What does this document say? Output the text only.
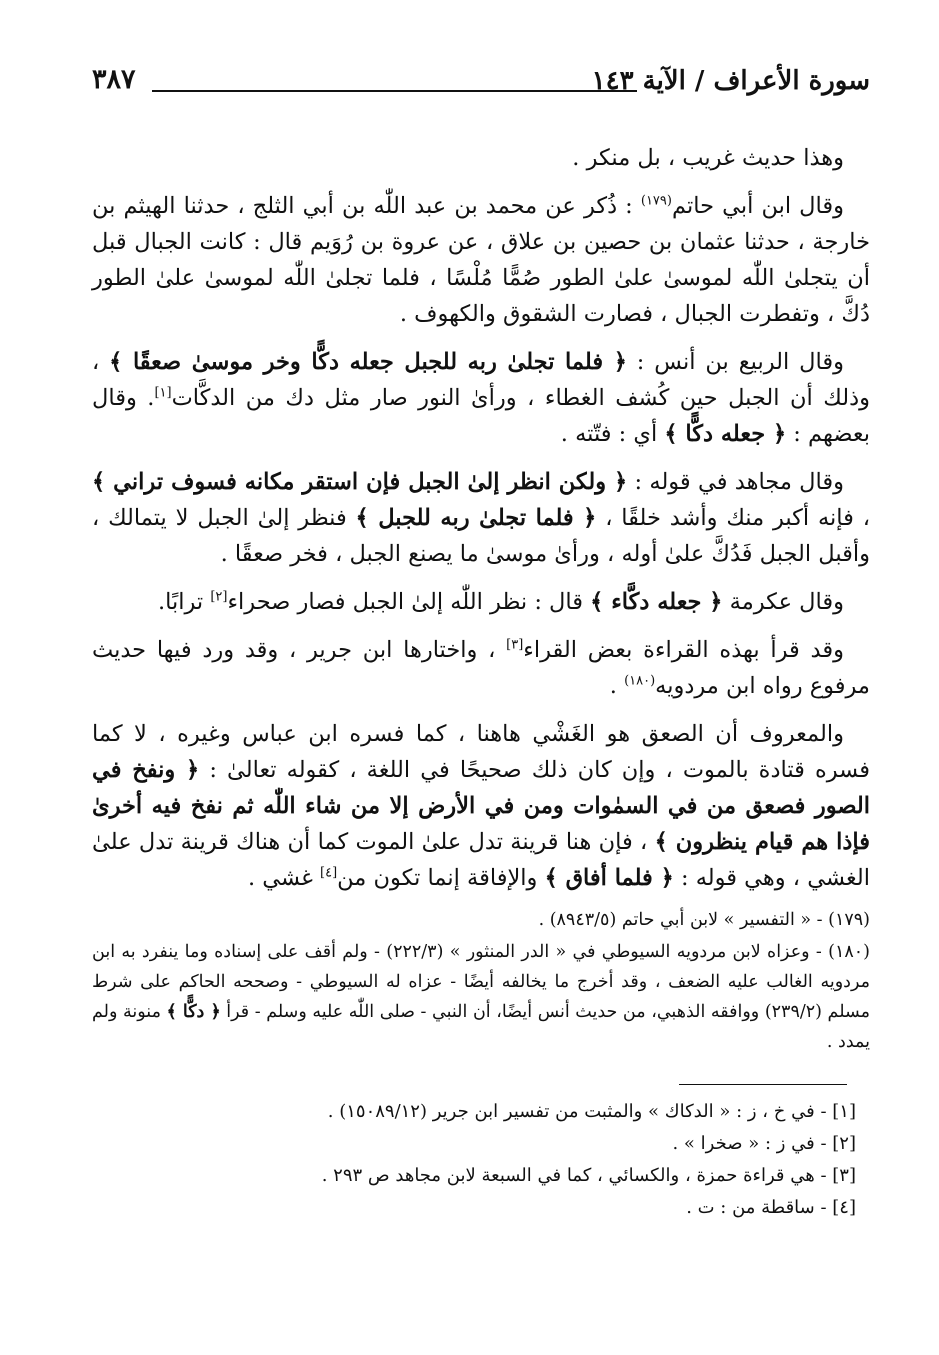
سورة الأعراف / الآية ١٤٣
٣٨٧

وهذا حديث غريب ، بل منكر .

وقال ابن أبي حاتم$^{(١٧٩)}$ : ذُكر عن محمد بن عبد اللّٰه بن أبي الثلج ، حدثنا الهيثم بن خارجة ، حدثنا عثمان بن حصين بن علاق ، عن عروة بن رُوَيم قال : كانت الجبال قبل أن يتجلىٰ اللّٰه لموسىٰ علىٰ الطور صُمًّا مُلْسًا ، فلما تجلىٰ اللّٰه لموسىٰ علىٰ الطور دُكَّ ، وتفطرت الجبال ، فصارت الشقوق والكهوف .

وقال الربيع بن أنس : ﴿ فلما تجلىٰ ربه للجبل جعله دكًّا وخر موسىٰ صعقًا ﴾ ، وذلك أن الجبل حين كُشف الغطاء ، ورأىٰ النور صار مثل دك من الدكَّات[١]. وقال بعضهم : ﴿ جعله دكًّا ﴾ أي : فتّته .

وقال مجاهد في قوله : ﴿ ولكن انظر إلىٰ الجبل فإن استقر مكانه فسوف تراني ﴾ ، فإنه أكبر منك وأشد خلقًا ، ﴿ فلما تجلىٰ ربه للجبل ﴾ فنظر إلىٰ الجبل لا يتمالك ، وأقبل الجبل فَدُكَّ علىٰ أوله ، ورأىٰ موسىٰ ما يصنع الجبل ، فخر صعقًا .

وقال عكرمة ﴿ جعله دكَّاء ﴾ قال : نظر اللّٰه إلىٰ الجبل فصار صحراء[٢] ترابًا.

وقد قرأ بهذه القراءة بعض القراء[٣] ، واختارها ابن جرير ، وقد ورد فيها حديث مرفوع رواه ابن مردويه$^{(١٨٠)}$ .

والمعروف أن الصعق هو الغَشْي هاهنا ، كما فسره ابن عباس وغيره ، لا كما فسره قتادة بالموت ، وإن كان ذلك صحيحًا في اللغة ، كقوله تعالىٰ : ﴿ ونفخ في الصور فصعق من في السمٰوات ومن في الأرض إلا من شاء اللّٰه ثم نفخ فيه أخرىٰ فإذا هم قيام ينظرون ﴾ ، فإن هنا قرينة تدل علىٰ الموت كما أن هناك قرينة تدل علىٰ الغشي ، وهي قوله : ﴿ فلما أفاق ﴾ والإفاقة إنما تكون من[٤] غشي .

(١٧٩) - « التفسير » لابن أبي حاتم (٨٩٤٣/٥) .
(١٨٠) - وعزاه لابن مردويه السيوطي في « الدر المنثور » (٢٢٢/٣) - ولم أقف على إسناده وما ينفرد به ابن مردويه الغالب عليه الضعف ، وقد أخرج ما يخالفه أيضًا - عزاه له السيوطي - وصححه الحاكم على شرط مسلم (٢٣٩/٢) ووافقه الذهبي، من حديث أنس أيضًا، أن النبي - صلى اللّٰه عليه وسلم - قرأ ﴿ دكًّا ﴾ منونة ولم يمدد .
[١] - في خ ، ز : « الدكاك » والمثبت من تفسير ابن جرير (١٥٠٨٩/١٢) .
[٢] - في ز : « صخرا » .
[٣] - هي قراءة حمزة ، والكسائي ، كما في السبعة لابن مجاهد ص ٢٩٣ .
[٤] - ساقطة من : ت .
